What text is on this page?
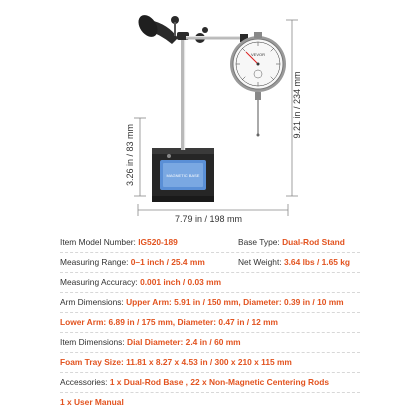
MAGNETIC BASE
VEVOR
9.21 in / 234 mm
3.26 in / 83 mm
7.79 in / 198 mm
Item Model Number: IG520-189	Base Type: Dual-Rod Stand
Measuring Range: 0–1 inch / 25.4 mm	Net Weight: 3.64 lbs / 1.65 kg
Measuring Accuracy: 0.001 inch / 0.03 mm
Arm Dimensions: Upper Arm: 5.91 in / 150 mm, Diameter: 0.39 in / 10 mm
Lower Arm: 6.89 in / 175 mm, Diameter: 0.47 in / 12 mm
Item Dimensions: Dial Diameter: 2.4 in / 60 mm
Foam Tray Size: 11.81 x 8.27 x 4.53 in / 300 x 210 x 115 mm
Accessories: 1 x Dual-Rod Base , 22 x Non-Magnetic Centering Rods
1 x User Manual
